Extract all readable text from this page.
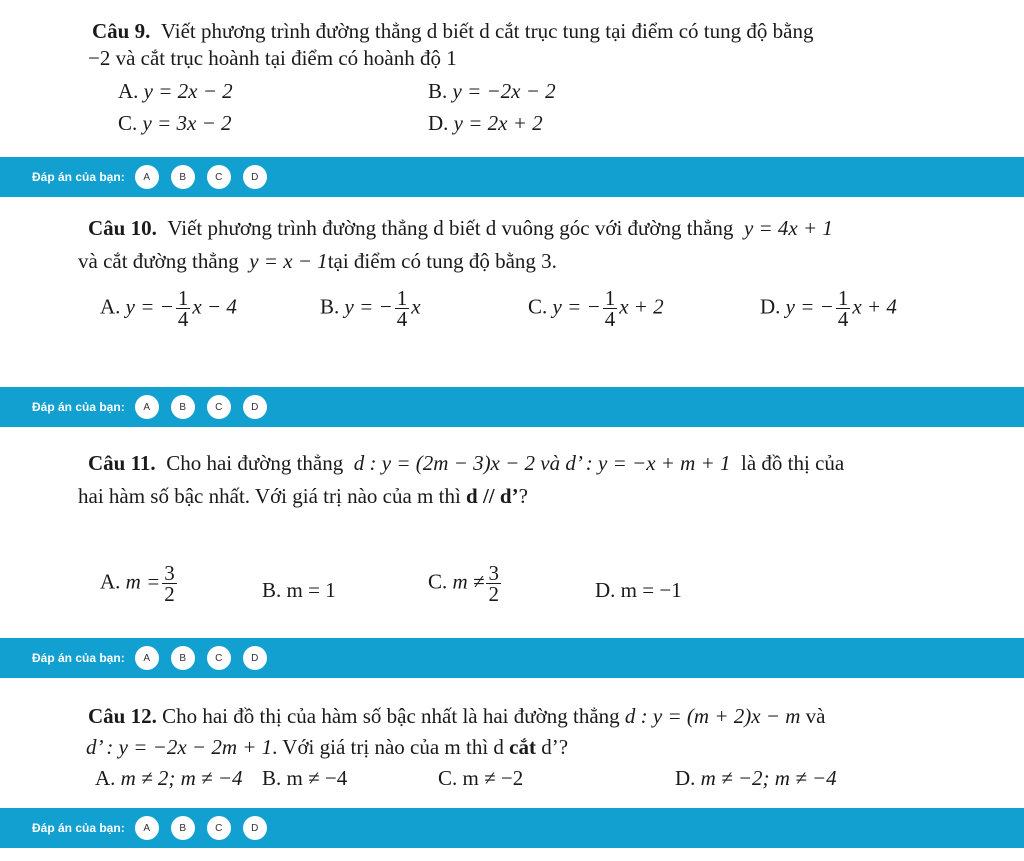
Câu 9. Viết phương trình đường thẳng d biết d cắt trục tung tại điểm có tung độ bằng
−2 và cắt trục hoành tại điểm có hoành độ 1
A. y = 2x − 2	B. y = −2x − 2
C. y = 3x − 2	D. y = 2x + 2
Đáp án của bạn:	A	B	C	D
Câu 10. Viết phương trình đường thẳng d biết d vuông góc với đường thẳng y = 4x + 1
và cắt đường thẳng y = x − 1tại điểm có tung độ bằng 3.
A. y = − $\frac{1}{4}$ x − 4	B. y = − $\frac{1}{4}$ x	C. y = − $\frac{1}{4}$ x + 2	D. y = − $\frac{1}{4}$ x + 4
Đáp án của bạn:	A	B	C	D
Câu 11. Cho hai đường thẳng d : y = (2m − 3)x − 2 và d’ : y = −x + m + 1 là đồ thị của
hai hàm số bậc nhất. Với giá trị nào của m thì d // d’?
A. $m = \frac{3}{2}$	B. m = 1	C. $m \ne \frac{3}{2}$	D. m = −1
Đáp án của bạn:	A	B	C	D
Câu 12. Cho hai đồ thị của hàm số bậc nhất là hai đường thẳng d : y = (m + 2)x − m và
d’ : y = −2x − 2m + 1. Với giá trị nào của m thì d cắt d’?
A. m ≠ 2; m ≠ −4 B. m ≠ −4	C. m ≠ −2	D. m ≠ −2; m ≠ −4
Đáp án của bạn:	A	B	C	D
